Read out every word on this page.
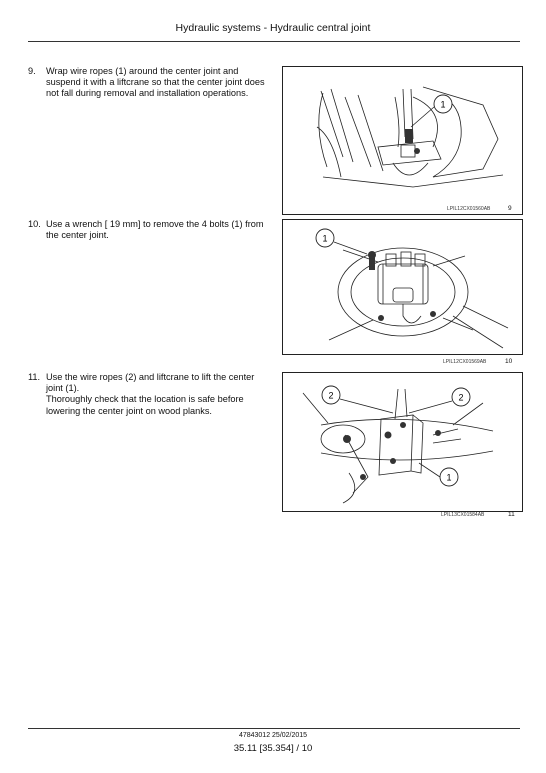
Hydraulic systems - Hydraulic central joint
9.	Wrap wire ropes (1) around the center joint and suspend it with a liftcrane so that the center joint does not fall during removal and installation operations.
1
LPIL12CX01560AB	9
10. Use a wrench [ 19 mm] to remove the 4 bolts (1) from the center joint.	1
LPIL12CX01569AB	10
11. Use the wire ropes (2) and liftcrane to lift the center joint (1).
Thoroughly check that the location is safe before lowering the center joint on wood planks.
2	2
1
LPIL13CX01584AB	11
47843012 25/02/2015
35.11 [35.354] / 10
